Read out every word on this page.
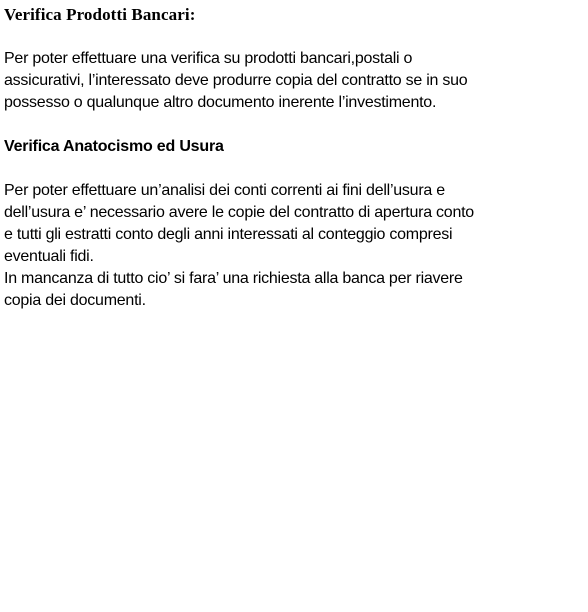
Verifica Prodotti Bancari:
Per poter effettuare una verifica su prodotti bancari,postali o
assicurativi, l’interessato deve produrre copia del contratto se in suo
possesso o qualunque altro documento inerente l’investimento.
Verifica Anatocismo ed Usura
Per poter effettuare un’analisi dei conti correnti ai fini dell’usura e
dell’usura e’ necessario avere le copie del contratto di apertura conto
e tutti gli estratti conto degli anni interessati al conteggio compresi
eventuali fidi.
In mancanza di tutto cio’ si fara’ una richiesta alla banca per riavere
copia dei documenti.
